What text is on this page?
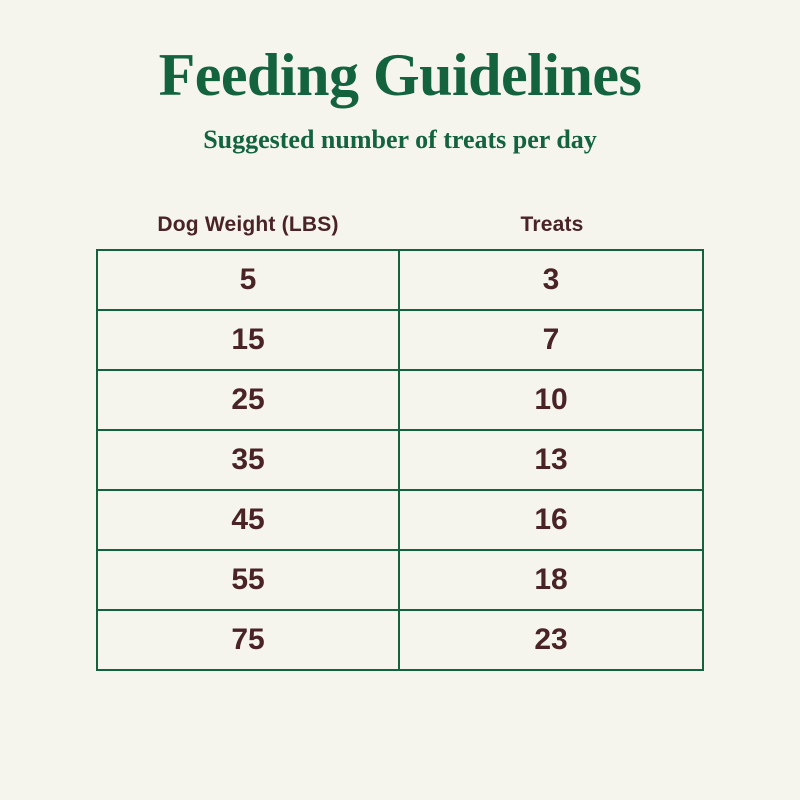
Feeding Guidelines
Suggested number of treats per day
Dog Weight (LBS)	Treats
5	3
15	7
25	10
35	13
45	16
55	18
75	23
